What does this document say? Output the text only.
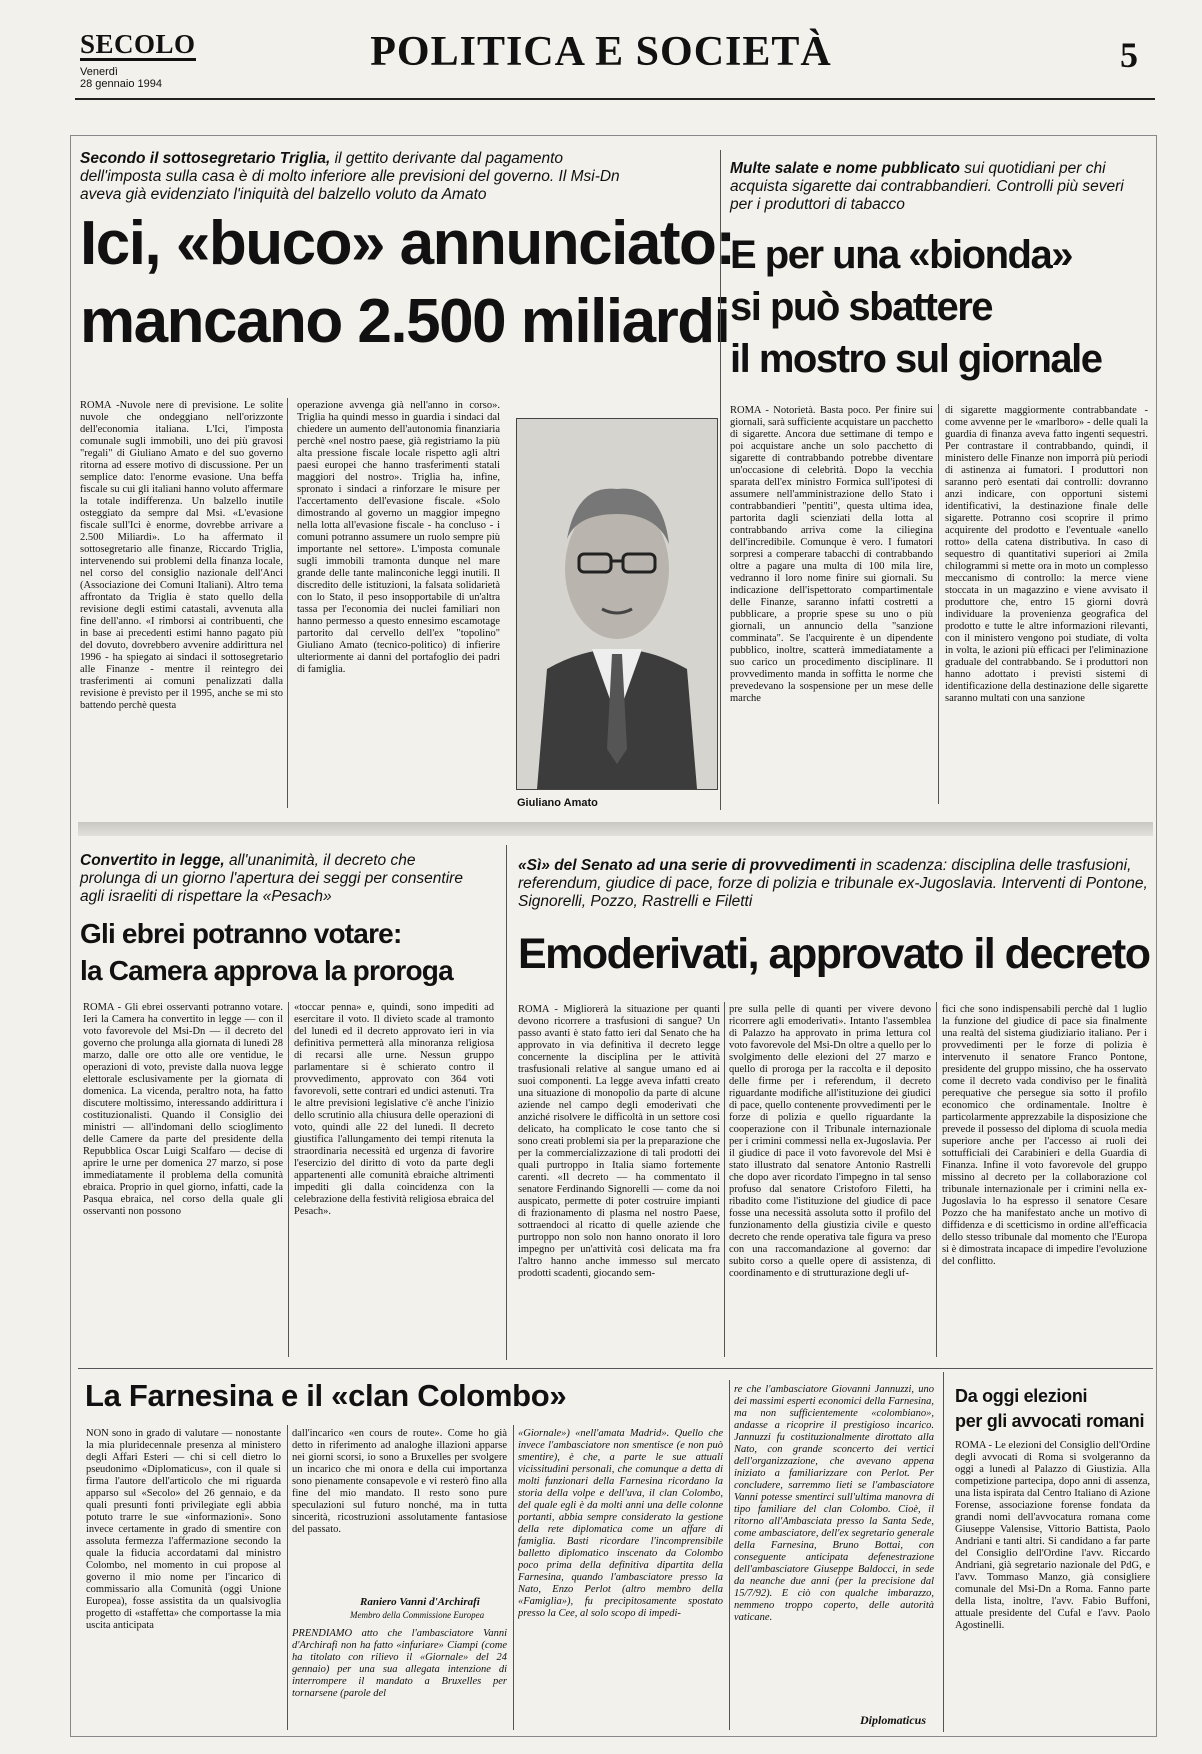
SECOLO
Venerdì
28 gennaio 1994
POLITICA E SOCIETÀ	5
Secondo il sottosegretario Triglia, il gettito derivante dal pagamento dell'imposta sulla casa è di molto inferiore alle previsioni del governo. Il Msi-Dn aveva già evidenziato l'iniquità del balzello voluto da Amato
Ici, «buco» annunciato:
mancano 2.500 miliardi
ROMA -Nuvole nere di previsione. Le solite nuvole che ondeggiano nell'orizzonte dell'economia italiana. L'Ici, l'imposta comunale sugli immobili, uno dei più gravosi "regali" di Giuliano Amato e del suo governo ritorna ad essere motivo di discussione. Per un semplice dato: l'enorme evasione. Una beffa fiscale su cui gli italiani hanno voluto affermare la totale indifferenza. Un balzello inutile osteggiato da sempre dal Msi. «L'evasione fiscale sull'Ici è enorme, dovrebbe arrivare a 2.500 Miliardi». Lo ha affermato il sottosegretario alle finanze, Riccardo Triglia, intervenendo sui problemi della finanza locale, nel corso del consiglio nazionale dell'Anci (Associazione dei Comuni Italiani). Altro tema affrontato da Triglia è stato quello della revisione degli estimi catastali, avvenuta alla fine dell'anno. «I rimborsi ai contribuenti, che in base ai precedenti estimi hanno pagato più del dovuto, dovrebbero avvenire addirittura nel 1996 - ha spiegato ai sindaci il sottosegretario alle Finanze - mentre il reintegro dei trasferimenti ai comuni penalizzati dalla revisione è previsto per il 1995, anche se mi sto battendo perchè questa
operazione avvenga già nell'anno in corso». Triglia ha quindi messo in guardia i sindaci dal chiedere un aumento dell'autonomia finanziaria perchè «nel nostro paese, già registriamo la più alta pressione fiscale locale rispetto agli altri paesi europei che hanno trasferimenti statali maggiori del nostro». Triglia ha, infine, spronato i sindaci a rinforzare le misure per l'accertamento dell'evasione fiscale. «Solo dimostrando al governo un maggior impegno nella lotta all'evasione fiscale - ha concluso - i comuni potranno assumere un ruolo sempre più importante nel settore». L'imposta comunale sugli immobili tramonta dunque nel mare grande delle tante malinconiche leggi inutili. Il discredito delle istituzioni, la falsata solidarietà con lo Stato, il peso insopportabile di un'altra tassa per l'economia dei nuclei familiari non hanno permesso a questo ennesimo escamotage partorito dal cervello dell'ex "topolino" Giuliano Amato (tecnico-politico) di infierire ulteriormente ai danni del portafoglio dei padri di famiglia.
Giuliano Amato
Multe salate e nome pubblicato sui quotidiani per chi acquista sigarette dai contrabbandieri. Controlli più severi per i produttori di tabacco
E per una «bionda»
si può sbattere
il mostro sul giornale
ROMA - Notorietà. Basta poco. Per finire sui giornali, sarà sufficiente acquistare un pacchetto di sigarette. Ancora due settimane di tempo e poi acquistare anche un solo pacchetto di sigarette di contrabbando potrebbe diventare un'occasione di celebrità. Dopo la vecchia sparata dell'ex ministro Formica sull'ipotesi di assumere nell'amministrazione dello Stato i contrabbandieri "pentiti", questa ultima idea, partorita dagli scienziati della lotta al contrabbando arriva come la ciliegina dell'incredibile. Comunque è vero. I fumatori sorpresi a comperare tabacchi di contrabbando oltre a pagare una multa di 100 mila lire, vedranno il loro nome finire sui giornali. Su indicazione dell'ispettorato compartimentale delle Finanze, saranno infatti costretti a pubblicare, a proprie spese su uno o più giornali, un annuncio della "sanzione comminata". Se l'acquirente è un dipendente pubblico, inoltre, scatterà immediatamente a suo carico un procedimento disciplinare. Il provvedimento manda in soffitta le norme che prevedevano la sospensione per un mese delle marche
di sigarette maggiormente contrabbandate - come avvenne per le «marlboro» - delle quali la guardia di finanza aveva fatto ingenti sequestri. Per contrastare il contrabbando, quindi, il ministero delle Finanze non imporrà più periodi di astinenza ai fumatori. I produttori non saranno però esentati dai controlli: dovranno anzi indicare, con opportuni sistemi identificativi, la destinazione finale delle sigarette. Potranno così scoprire il primo acquirente del prodotto e l'eventuale «anello rotto» della catena distributiva. In caso di sequestro di quantitativi superiori ai 2mila chilogrammi si mette ora in moto un complesso meccanismo di controllo: la merce viene stoccata in un magazzino e viene avvisato il produttore che, entro 15 giorni dovrà individuare la provenienza geografica del prodotto e tutte le altre informazioni rilevanti, con il ministero vengono poi studiate, di volta in volta, le azioni più efficaci per l'eliminazione graduale del contrabbando. Se i produttori non hanno adottato i previsti sistemi di identificazione della destinazione delle sigarette saranno multati con una sanzione
Convertito in legge, all'unanimità, il decreto che prolunga di un giorno l'apertura dei seggi per consentire agli israeliti di rispettare la «Pesach»
Gli ebrei potranno votare:
la Camera approva la proroga
ROMA - Gli ebrei osservanti potranno votare. Ieri la Camera ha convertito in legge — con il voto favorevole del Msi-Dn — il decreto del governo che prolunga alla giornata di lunedì 28 marzo, dalle ore otto alle ore ventidue, le operazioni di voto, previste dalla nuova legge elettorale esclusivamente per la giornata di domenica. La vicenda, peraltro nota, ha fatto discutere moltissimo, interessando addirittura i costituzionalisti. Quando il Consiglio dei ministri — all'indomani dello scioglimento delle Camere da parte del presidente della Repubblica Oscar Luigi Scalfaro — decise di aprire le urne per domenica 27 marzo, si pose immediatamente il problema della comunità ebraica. Proprio in quel giorno, infatti, cade la Pasqua ebraica, nel corso della quale gli osservanti non possono
«toccar penna» e, quindi, sono impediti ad esercitare il voto. Il divieto scade al tramonto del lunedì ed il decreto approvato ieri in via definitiva permetterà alla minoranza religiosa di recarsi alle urne. Nessun gruppo parlamentare si è schierato contro il provvedimento, approvato con 364 voti favorevoli, sette contrari ed undici astenuti. Tra le altre previsioni legislative c'è anche l'inizio dello scrutinio alla chiusura delle operazioni di voto, quindi alle 22 del lunedì. Il decreto giustifica l'allungamento dei tempi ritenuta la straordinaria necessità ed urgenza di favorire l'esercizio del diritto di voto da parte degli appartenenti alle comunità ebraiche altrimenti impediti gli dalla coincidenza con la celebrazione della festività religiosa ebraica del Pesach».
«Sì» del Senato ad una serie di provvedimenti in scadenza: disciplina delle trasfusioni, referendum, giudice di pace, forze di polizia e tribunale ex-Jugoslavia. Interventi di Pontone, Signorelli, Pozzo, Rastrelli e Filetti
Emoderivati, approvato il decreto
ROMA - Migliorerà la situazione per quanti devono ricorrere a trasfusioni di sangue? Un passo avanti è stato fatto ieri dal Senato che ha approvato in via definitiva il decreto legge concernente la disciplina per le attività trasfusionali relative al sangue umano ed ai suoi componenti. La legge aveva infatti creato una situazione di monopolio da parte di alcune aziende nel campo degli emoderivati che anziché risolvere le difficoltà in un settore così delicato, ha complicato le cose tanto che si sono creati problemi sia per la preparazione che per la commercializzazione di tali prodotti dei quali purtroppo in Italia siamo fortemente carenti. «Il decreto — ha commentato il senatore Ferdinando Signorelli — come da noi auspicato, permette di poter costruire impianti di frazionamento di plasma nel nostro Paese, sottraendoci al ricatto di quelle aziende che purtroppo non solo non hanno onorato il loro impegno per un'attività così delicata ma fra l'altro hanno anche immesso sul mercato prodotti scadenti, giocando sem-
pre sulla pelle di quanti per vivere devono ricorrere agli emoderivati». Intanto l'assemblea di Palazzo ha approvato in prima lettura col voto favorevole del Msi-Dn oltre a quello per lo svolgimento delle elezioni del 27 marzo e quello di proroga per la raccolta e il deposito delle firme per i referendum, il decreto riguardante modifiche all'istituzione dei giudici di pace, quello contenente provvedimenti per le forze di polizia e quello riguardante la cooperazione con il Tribunale internazionale per i crimini commessi nella ex-Jugoslavia. Per il giudice di pace il voto favorevole del Msi è stato illustrato dal senatore Antonio Rastrelli che dopo aver ricordato l'impegno in tal senso profuso dal senatore Cristoforo Filetti, ha ribadito come l'istituzione del giudice di pace fosse una necessità assoluta sotto il profilo del funzionamento della giustizia civile e questo decreto che rende operativa tale figura va preso con una raccomandazione al governo: dar subito corso a quelle opere di assistenza, di coordinamento e di strutturazione degli uf-
fici che sono indispensabili perchè dal 1 luglio la funzione del giudice di pace sia finalmente una realtà del sistema giudiziario italiano. Per i provvedimenti per le forze di polizia è intervenuto il senatore Franco Pontone, presidente del gruppo missino, che ha osservato come il decreto vada condiviso per le finalità perequative che persegue sia sotto il profilo economico che ordinamentale. Inoltre è particolarmente apprezzabile la disposizione che prevede il possesso del diploma di scuola media superiore anche per l'accesso ai ruoli dei sottufficiali dei Carabinieri e della Guardia di Finanza. Infine il voto favorevole del gruppo missino al decreto per la collaborazione col tribunale internazionale per i crimini nella ex-Jugoslavia lo ha espresso il senatore Cesare Pozzo che ha manifestato anche un motivo di diffidenza e di scetticismo in ordine all'efficacia dello stesso tribunale dal momento che l'Europa si è dimostrata incapace di impedire l'evoluzione del conflitto.
La Farnesina e il «clan Colombo»
NON sono in grado di valutare — nonostante la mia pluridecennale presenza al ministero degli Affari Esteri — chi si cell dietro lo pseudonimo «Diplomaticus», con il quale si firma l'autore dell'articolo che mi riguarda apparso sul «Secolo» del 26 gennaio, e da quali presunti fonti privilegiate egli abbia potuto trarre le sue «informazioni». Sono invece certamente in grado di smentire con assoluta fermezza l'affermazione secondo la quale la fiducia accordatami dal ministro Colombo, nel momento in cui propose al governo il mio nome per l'incarico di commissario alla Comunità (oggi Unione Europea), fosse assistita da un qualsivoglia progetto di «staffetta» che comportasse la mia uscita anticipata
dall'incarico «en cours de route». Come ho già detto in riferimento ad analoghe illazioni apparse nei giorni scorsi, io sono a Bruxelles per svolgere un incarico che mi onora e della cui importanza sono pienamente consapevole e vi resterò fino alla fine del mio mandato. Il resto sono pure speculazioni sul futuro nonché, ma in tutta sincerità, ricostruzioni assolutamente fantasiose del passato.
Raniero Vanni d'Archirafi
Membro della Commissione Europea
PRENDIAMO atto che l'ambasciatore Vanni d'Archirafi non ha fatto «infuriare» Ciampi (come ha titolato con rilievo il «Giornale» del 24 gennaio) per una sua allegata intenzione di interrompere il mandato a Bruxelles per tornarsene (parole del
«Giornale») «nell'amata Madrid». Quello che invece l'ambasciatore non smentisce (e non può smentire), è che, a parte le sue attuali vicissitudini personali, che comunque a detta di molti funzionari della Farnesina ricordano la storia della volpe e dell'uva, il clan Colombo, del quale egli è da molti anni una delle colonne portanti, abbia sempre considerato la gestione della rete diplomatica come un affare di famiglia. Basti ricordare l'incomprensibile balletto diplomatico inscenato da Colombo poco prima della definitiva dipartita della Farnesina, quando l'ambasciatore presso la Nato, Enzo Perlot (altro membro della «Famiglia»), fu precipitosamente spostato presso la Cee, al solo scopo di impedi-
re che l'ambasciatore Giovanni Jannuzzi, uno dei massimi esperti economici della Farnesina, ma non sufficientemente «colombiano», andasse a ricoprire il prestigioso incarico. Jannuzzi fu costituzionalmente dirottato alla Nato, con grande sconcerto dei vertici dell'organizzazione, che avevano appena iniziato a familiarizzare con Perlot. Per concludere, sarremmo lieti se l'ambasciatore Vanni potesse smentirci sull'ultima manovra di tipo familiare del clan Colombo. Cioè, il ritorno all'Ambasciata presso la Santa Sede, come ambasciatore, dell'ex segretario generale della Farnesina, Bruno Bottai, con conseguente anticipata defenestrazione dell'ambasciatore Giuseppe Baldocci, in sede da neanche due anni (per la precisione dal 15/7/92). E ciò con qualche imbarazzo, nemmeno troppo coperto, delle autorità vaticane.
Diplomaticus
Da oggi elezioni
per gli avvocati romani
ROMA - Le elezioni del Consiglio dell'Ordine degli avvocati di Roma si svolgeranno da oggi a lunedì al Palazzo di Giustizia. Alla competizione partecipa, dopo anni di assenza, una lista ispirata dal Centro Italiano di Azione Forense, associazione forense fondata da grandi nomi dell'avvocatura romana come Giuseppe Valensise, Vittorio Battista, Paolo Andriani e tanti altri. Si candidano a far parte del Consiglio dell'Ordine l'avv. Riccardo Andriani, già segretario nazionale del PdG, e l'avv. Tommaso Manzo, già consigliere comunale del Msi-Dn a Roma. Fanno parte della lista, inoltre, l'avv. Fabio Buffoni, attuale presidente del Cufal e l'avv. Paolo Agostinelli.
